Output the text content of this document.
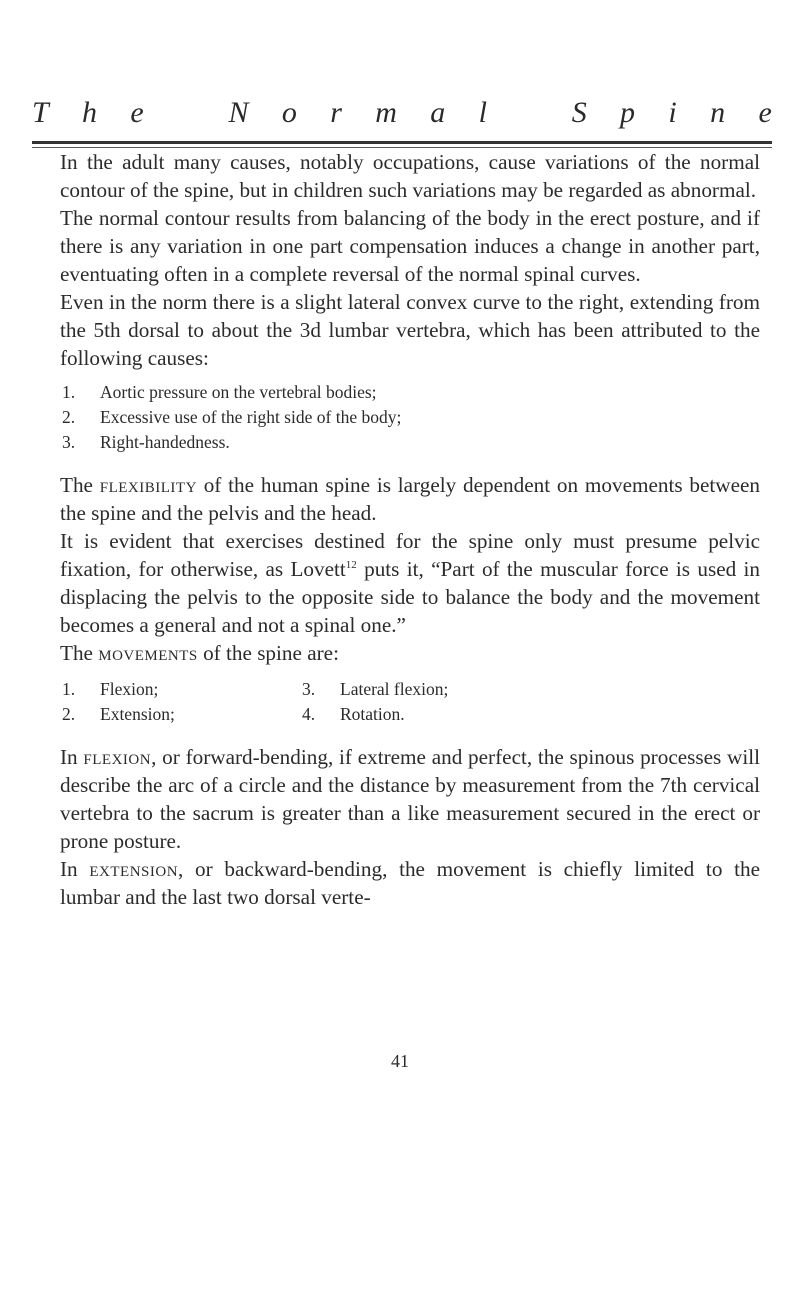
T h e	N o r m a l	S p i n e

In the adult many causes, notably occupations, cause variations of the normal contour of the spine, but in children such variations may be regarded as abnormal.

The normal contour results from balancing of the body in the erect posture, and if there is any variation in one part compensation induces a change in another part, eventuating often in a complete reversal of the normal spinal curves.

Even in the norm there is a slight lateral convex curve to the right, extending from the 5th dorsal to about the 3d lumbar vertebra, which has been attributed to the following causes:

1.	Aortic pressure on the vertebral bodies;
2.	Excessive use of the right side of the body;
3.	Right-handedness.

The flexibility of the human spine is largely dependent on movements between the spine and the pelvis and the head.

It is evident that exercises destined for the spine only must presume pelvic fixation, for otherwise, as Lovett$^{12}$ puts it, “Part of the muscular force is used in displacing the pelvis to the opposite side to balance the body and the movement becomes a general and not a spinal one.”

The movements of the spine are:

1.	Flexion;	3.	Lateral flexion;
2.	Extension;	4.	Rotation.

In flexion, or forward-bending, if extreme and perfect, the spinous processes will describe the arc of a circle and the distance by measurement from the 7th cervical vertebra to the sacrum is greater than a like measurement secured in the erect or prone posture.

In extension, or backward-bending, the movement is chiefly limited to the lumbar and the last two dorsal verte-

41
